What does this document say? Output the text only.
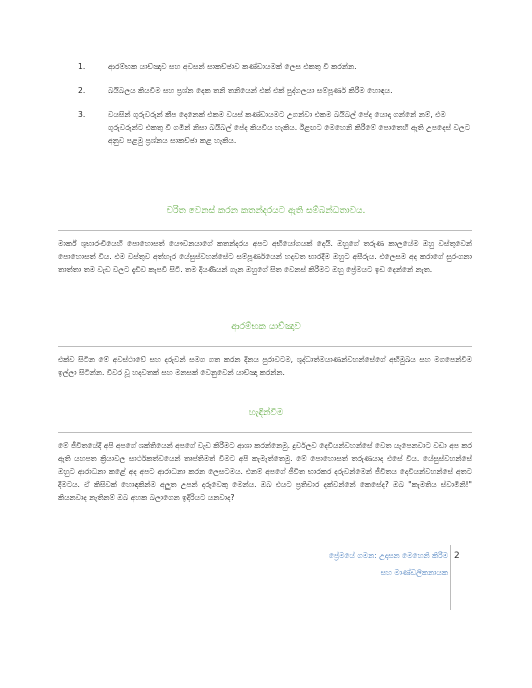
1.	ආරම්භක යාච්ඤාව සහ අවසන් සාකච්ඡාව කණ්ඩායමක් ලෙස එකතු වී කරන්න.
2.	බයිබලය කියවීම සහ ප්‍රශ්න දෙක තනි තනියෙන් එක් එක් පුද්ගලයා සම්පූර්ණ කිරීම හොඳය.
3.	වයසින් ගුරුවරුන් කීප දෙනෙක් එකම වයස් කණ්ඩායමට උගන්වා එකම බයිබල් පේද යොදා ගන්නේ නම්, එම ගුරුවරුන්ට එකතු වී ගමින් නිසා බයිබල් පේද කියවිය හැකිය. ඊළඟට මෙහෙනි කිරීමේ පොතෙහි ඇති උපදෙස් වලට අනුව පළමු ප්‍රශ්නය සාකච්ඡා කළ හැකිය.
චරිත වෙනස් කරන කතන්දරයට ඇති සම්බන්ධතාවය.

මාර්ක් ශුභාරංචියෙහි පොහොසත් යෞවනයාගේ කතන්දරය අපට අභියෝගයක් දෙයි. ඔහුගේ තරුණ කාලයේම ඔහු වස්තුවෙන් පොහොසත් විය. එම වස්තුව අත්හැර යේසුස්වහන්සේට සම්පූර්ණයෙන් හදවත භාරදීම ඔහුට අසීරුය. එලෙසම අද කරාගේ සුරංගනා තාත්තා තම වැඩ වලට දැඩිව කැපවී සිටී. තම දියණියන් ගැන ඔහුගේ සිත වෙනස් කිරීමට ඔහු ප්‍රේමයට ඉඩ දෙන්නේ නැත.

ආරම්භක යාච්ඤාව

එක්ව සිටින මේ අවස්ථාවේ සහ දරුවන් සමග ගත කරන දිනය පුරාවටම, ශුද්ධාත්මයාණන්වහන්සේගේ අභිමුඛය සහ මගපෙන්වීම ඉල්ලා සිටින්න. විවර වූ හදවතක් සහ මනසක් වෙනුවෙන් යාච්ඤා කරන්න.

හැඳින්වීම

මේ ජීවිතයේදී අපි අපගේ ශක්තියෙන් අපගේ වැඩ කිරීමට ආශා කරන්නෙමු. දුර්වලව දෙවියන්වහන්සේ වෙත යැපෙනවාට වඩා අප කර ඇති යහපත ක්‍රියාවල සාර්ථකත්වයෙන් තෘප්තිමත් වීමට අපි කැමැත්තෙමු. මේ පොහොසත් තරුණයාද එසේ විය. යේසුස්වහන්සේ ඔහුට ආරාධනා කළේ අද අපට ආරාධනා කරන ලෙසටමය. එනම් අපගේ ජීවිත භාරකර දරුවන්මෙන් ජීවිතය දෙවියන්වහන්සේ අතට දීමටය. ඒ කිසිවක් හොඳකින්ම අලුත උපන් දරුවෙකු මෙන්ය. ඔබ එයට ප්‍රතිචාර දක්වන්නේ කෙසේද? ඔබ "කැමතිය ස්වාමීනි!" කියනවාද නැතිනම් ඔබ අහක බලාගෙන ඉදිරියට යනවාද?

ප්‍රේමයේ ගමන: උදාසන මෙහෙනි කිරීම
සහ මාණ්ඩලිකනායක
2
